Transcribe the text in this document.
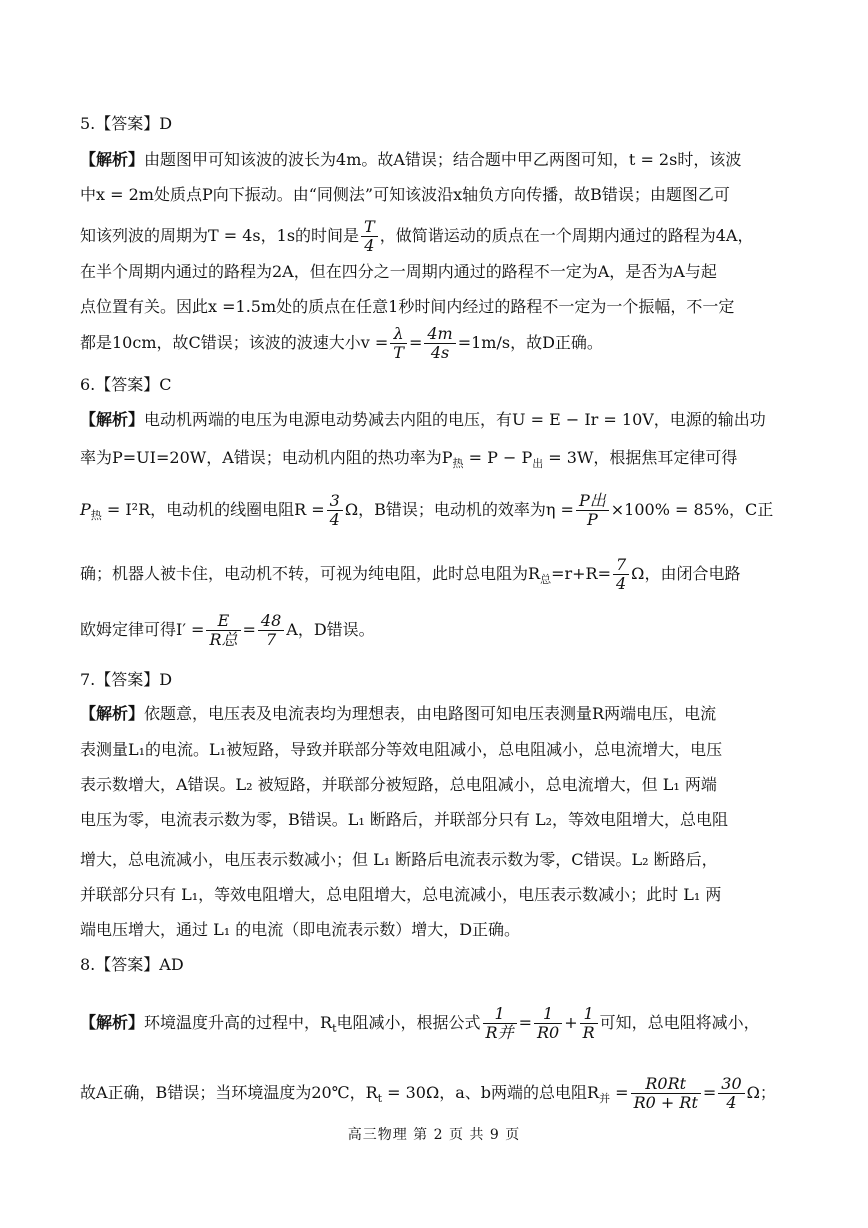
5.【答案】D
【解析】由题图甲可知该波的波长为4m。故A错误；结合题中甲乙两图可知，t = 2s时，该波
中x = 2m处质点P向下振动。由“同侧法”可知该波沿x轴负方向传播，故B错误；由题图乙可
知该列波的周期为T = 4s，1s的时间是 $\frac{T}{4}$ ，做简谐运动的质点在一个周期内通过的路程为4A，
在半个周期内通过的路程为2A，但在四分之一周期内通过的路程不一定为A，是否为A与起
点位置有关。因此x =1.5m处的质点在任意1秒时间内经过的路程不一定为一个振幅，不一定
都是10cm，故C错误；该波的波速大小$v = \frac{\lambda}{T} = \frac{4m}{4s} =1m/s$，故D正确。
6.【答案】C
【解析】电动机两端的电压为电源电动势减去内阻的电压，有U = E − Ir = 10V，电源的输出功
率为P=UI=20W，A错误；电动机内阻的热功率为$P_热 = P - P_出 = 3W$，根据焦耳定律可得
$P_热 = I^2R$，电动机的线圈电阻$R = \frac{3}{4}$ Ω，B错误；电动机的效率为$\eta = \frac{\text{P出}}{P} \times 100\% = 85\%$，C正
确；机器人被卡住，电动机不转，可视为纯电阻，此时总电阻为$R_总=r+R= \frac{7}{4}$ Ω，由闭合电路
欧姆定律可得$I' = \frac{E}{\text{R总}} = \frac{48}{7}$ A，D错误。
7.【答案】D
【解析】依题意，电压表及电流表均为理想表，由电路图可知电压表测量R两端电压，电流
表测量L₁的电流。L₁被短路，导致并联部分等效电阻减小，总电阻减小，总电流增大，电压
表示数增大，A错误。L₂ 被短路，并联部分被短路，总电阻减小，总电流增大，但 L₁ 两端
电压为零，电流表示数为零，B错误。L₁ 断路后，并联部分只有 L₂，等效电阻增大，总电阻
增大，总电流减小，电压表示数减小；但 L₁ 断路后电流表示数为零，C错误。L₂ 断路后，
并联部分只有 L₁，等效电阻增大，总电阻增大，总电流减小，电压表示数减小；此时 L₁ 两
端电压增大，通过 L₁ 的电流（即电流表示数）增大，D正确。
8.【答案】AD
【解析】环境温度升高的过程中，$R_t$电阻减小，根据公式 $\frac{1}{\text{R并}} = \frac{1}{R0} + \frac{1}{R}$ 可知，总电阻将减小，
故A正确，B错误；当环境温度为20℃，$R_t = 30\Omega$，a、b两端的总电阻$R_并 = \frac{R0Rt}{R0 + Rt} = \frac{30}{4}$ Ω；
高三物理 第 2 页 共 9 页
